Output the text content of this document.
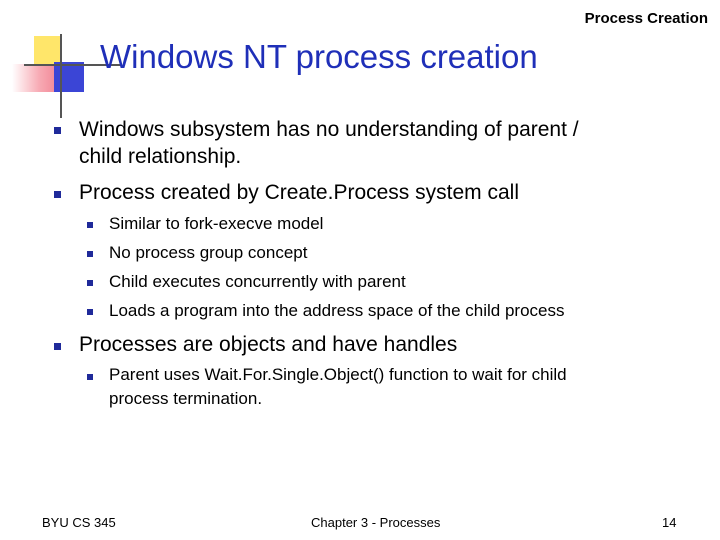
Process Creation
Windows NT process creation
Windows subsystem has no understanding of parent /
child relationship.
Process created by Create.Process system call
Similar to fork-execve model
No process group concept
Child executes concurrently with parent
Loads a program into the address space of the child process
Processes are objects and have handles
Parent uses Wait.For.Single.Object() function to wait for child
process termination.
BYU CS 345	Chapter 3 - Processes	14
